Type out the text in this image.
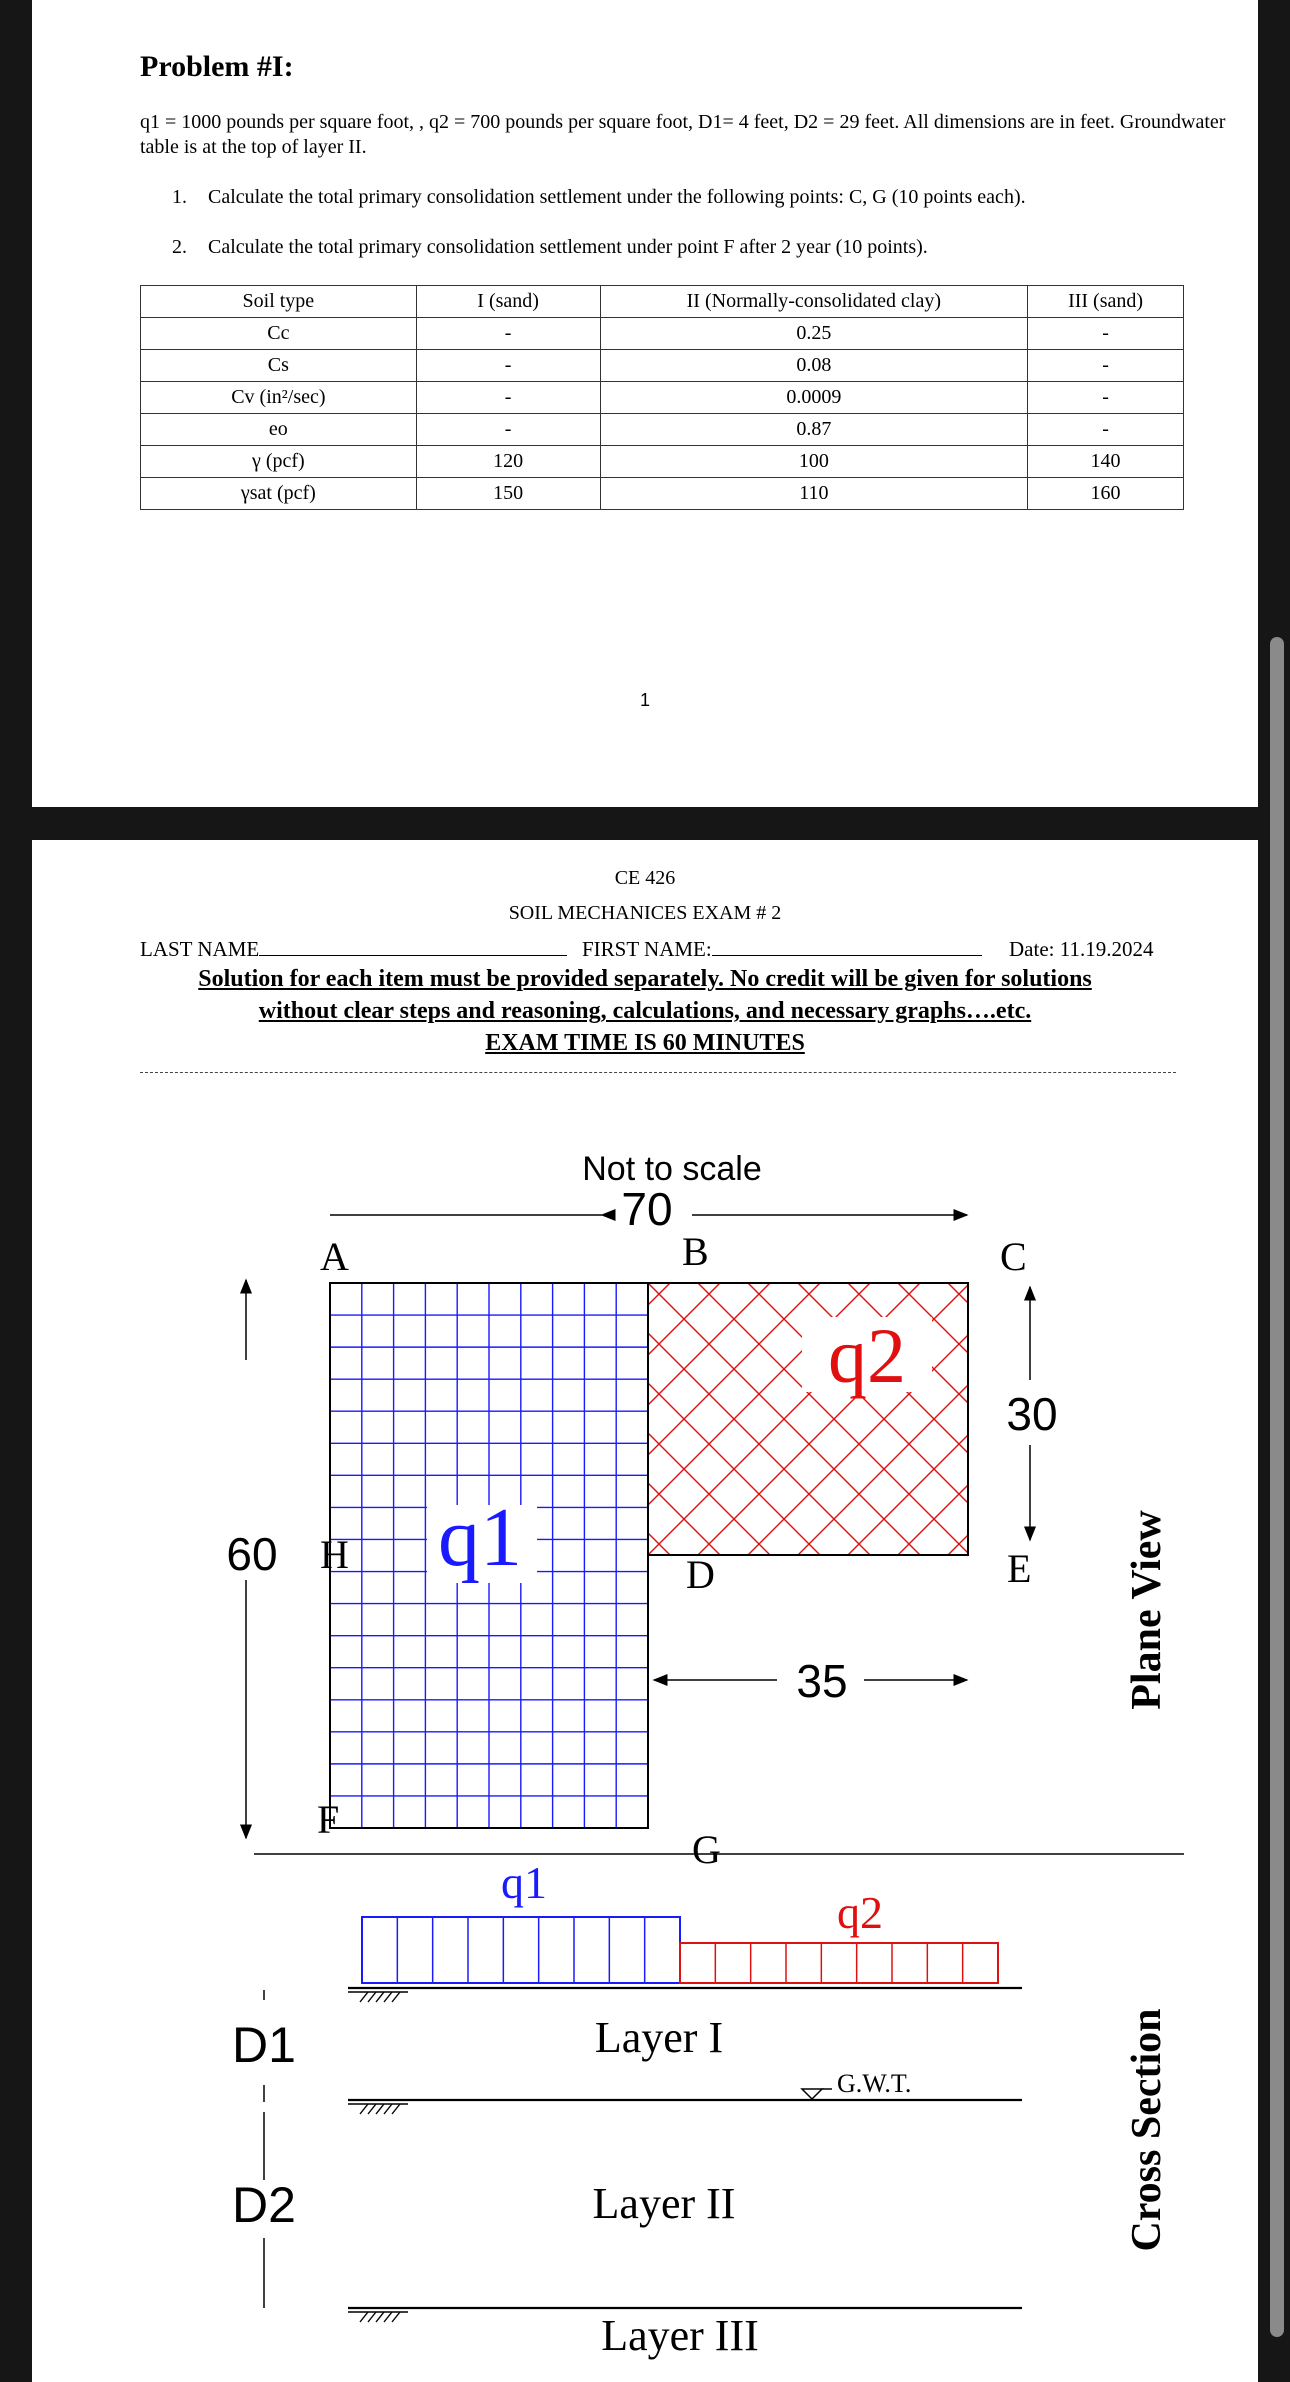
Problem #I:
q1 = 1000 pounds per square foot, , q2 = 700 pounds per square foot, D1= 4 feet, D2 = 29 feet. All dimensions are in feet. Groundwater table is at the top of layer II.
1. Calculate the total primary consolidation settlement under the following points: C, G (10 points each).
2. Calculate the total primary consolidation settlement under point F after 2 year (10 points).
Soil type	I (sand)	II (Normally-consolidated clay)	III (sand)
Cc	-	0.25	-
Cs	-	0.08	-
Cv (in²/sec)	-	0.0009	-
eo	-	0.87	-
γ (pcf)	120	100	140
γsat (pcf)	150	110	160
1
CE 426
SOIL MECHANICES EXAM # 2
LAST NAME	FIRST NAME:	Date: 11.19.2024
Solution for each item must be provided separately. No credit will be given for solutions
without clear steps and reasoning, calculations, and necessary graphs….etc.
EXAM TIME IS 60 MINUTES
q1
q2
Not to scale
70
60
30
35
A	B	C
D	E
F
G
H	Plane View
q1
q2
D1
D2
Layer I
Layer II
Layer III
G.W.T.	Cross Section
